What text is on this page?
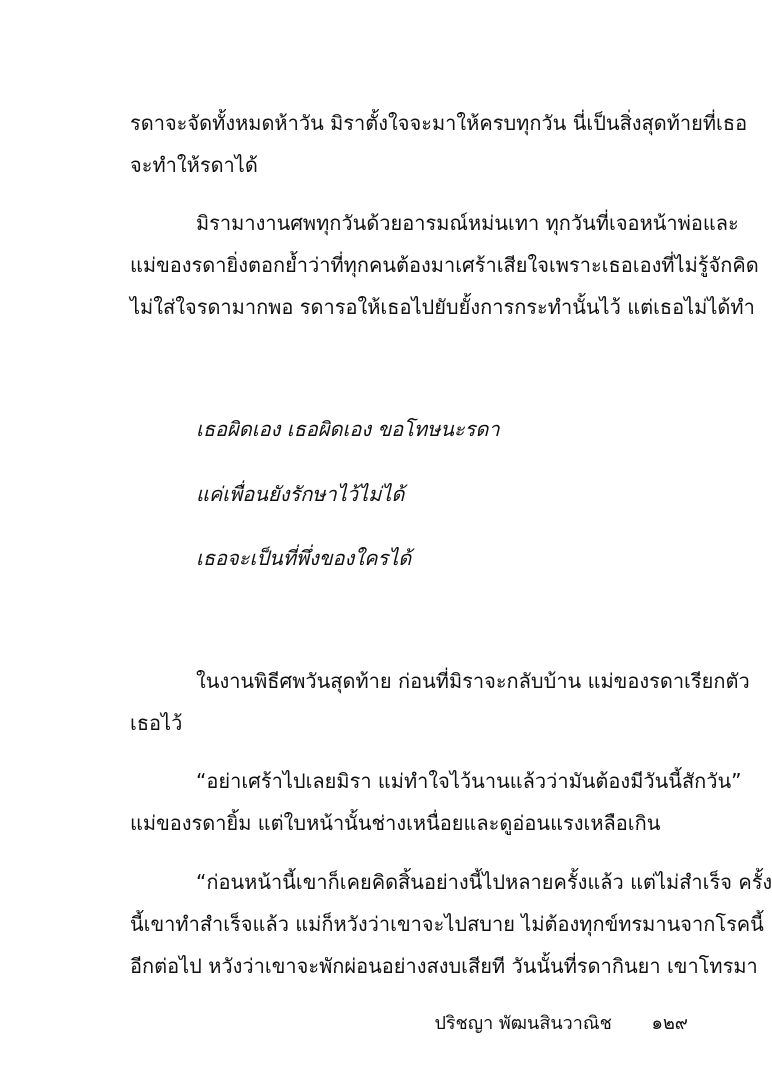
รดาจะจัดทั้งหมดห้าวัน มิราตั้งใจจะมาให้ครบทุกวัน นี่เป็นสิ่งสุดท้ายที่เธอ
จะทำให้รดาได้
มิรามางานศพทุกวันด้วยอารมณ์หม่นเทา ทุกวันที่เจอหน้าพ่อและ
แม่ของรดายิ่งตอกย้ำว่าที่ทุกคนต้องมาเศร้าเสียใจเพราะเธอเองที่ไม่รู้จักคิด
ไม่ใส่ใจรดามากพอ รดารอให้เธอไปยับยั้งการกระทำนั้นไว้ แต่เธอไม่ได้ทำ
เธอผิดเอง เธอผิดเอง ขอโทษนะรดา
แค่เพื่อนยังรักษาไว้ไม่ได้
เธอจะเป็นที่พึ่งของใครได้
ในงานพิธีศพวันสุดท้าย ก่อนที่มิราจะกลับบ้าน แม่ของรดาเรียกตัว
เธอไว้
“อย่าเศร้าไปเลยมิรา แม่ทำใจไว้นานแล้วว่ามันต้องมีวันนี้สักวัน”
แม่ของรดายิ้ม แต่ใบหน้านั้นช่างเหนื่อยและดูอ่อนแรงเหลือเกิน
“ก่อนหน้านี้เขาก็เคยคิดสิ้นอย่างนี้ไปหลายครั้งแล้ว แต่ไม่สำเร็จ ครั้ง
นี้เขาทำสำเร็จแล้ว แม่ก็หวังว่าเขาจะไปสบาย ไม่ต้องทุกข์ทรมานจากโรคนี้
อีกต่อไป หวังว่าเขาจะพักผ่อนอย่างสงบเสียที วันนั้นที่รดากินยา เขาโทรมา
ปริชญา พัฒนสินวาณิช ๑๒๙
